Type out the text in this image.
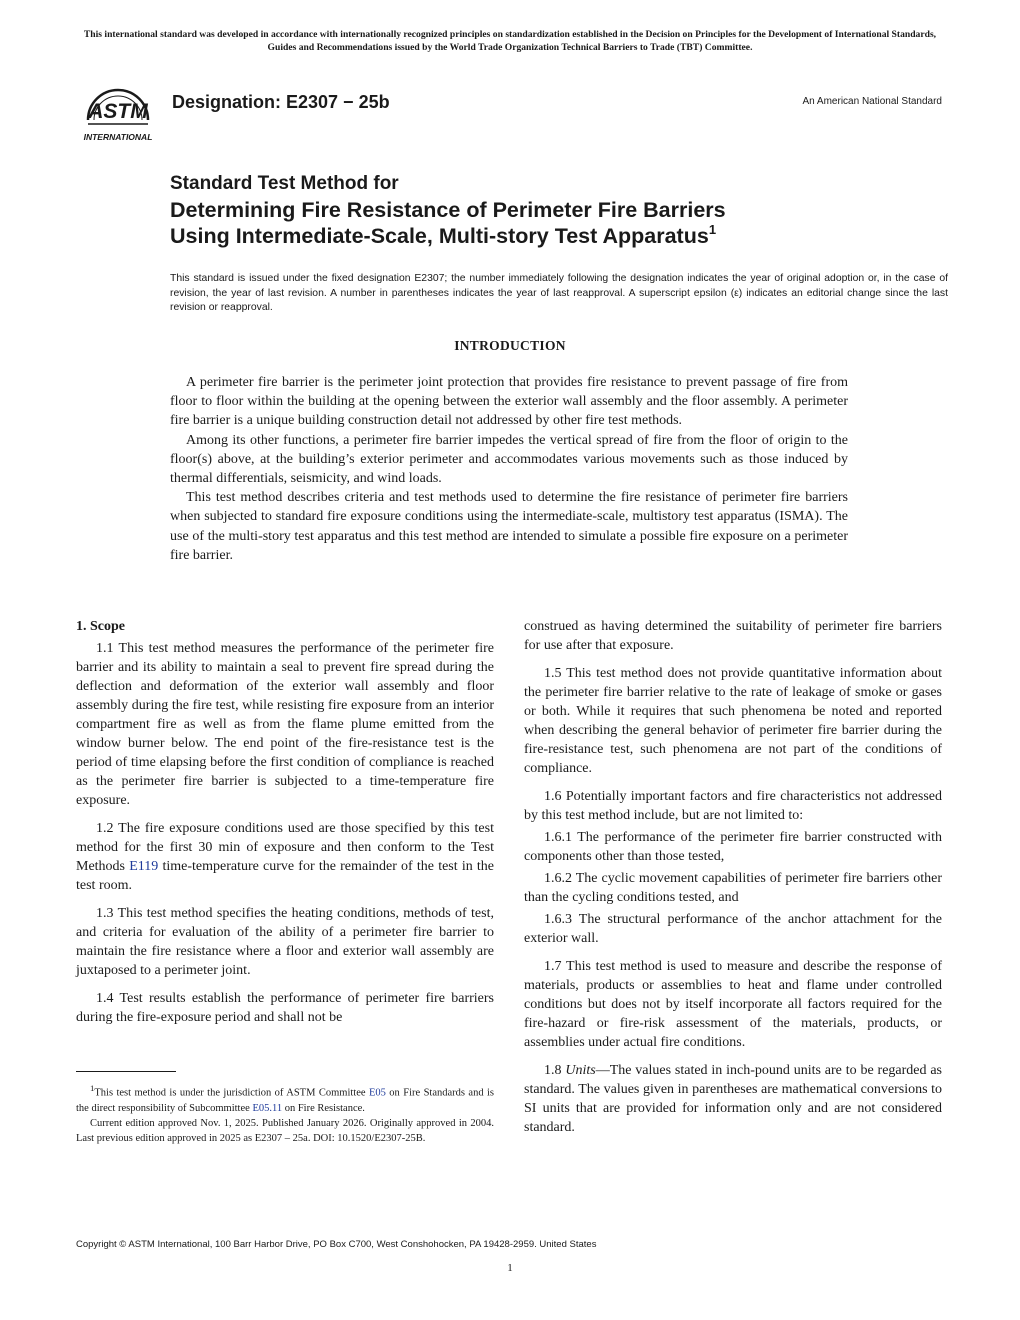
This international standard was developed in accordance with internationally recognized principles on standardization established in the Decision on Principles for the Development of International Standards, Guides and Recommendations issued by the World Trade Organization Technical Barriers to Trade (TBT) Committee.
ASTM
INTERNATIONAL
Designation: E2307 − 25b	An American National Standard
Standard Test Method for
Determining Fire Resistance of Perimeter Fire Barriers
Using Intermediate-Scale, Multi-story Test Apparatus$^1$
This standard is issued under the fixed designation E2307; the number immediately following the designation indicates the year of original adoption or, in the case of revision, the year of last revision. A number in parentheses indicates the year of last reapproval. A superscript epsilon (ε) indicates an editorial change since the last revision or reapproval.
INTRODUCTION

A perimeter fire barrier is the perimeter joint protection that provides fire resistance to prevent passage of fire from floor to floor within the building at the opening between the exterior wall assembly and the floor assembly. A perimeter fire barrier is a unique building construction detail not addressed by other fire test methods.

Among its other functions, a perimeter fire barrier impedes the vertical spread of fire from the floor of origin to the floor(s) above, at the building’s exterior perimeter and accommodates various movements such as those induced by thermal differentials, seismicity, and wind loads.

This test method describes criteria and test methods used to determine the fire resistance of perimeter fire barriers when subjected to standard fire exposure conditions using the intermediate-scale, multistory test apparatus (ISMA). The use of the multi-story test apparatus and this test method are intended to simulate a possible fire exposure on a perimeter fire barrier.

1. Scope

1.1 This test method measures the performance of the perimeter fire barrier and its ability to maintain a seal to prevent fire spread during the deflection and deformation of the exterior wall assembly and floor assembly during the fire test, while resisting fire exposure from an interior compartment fire as well as from the flame plume emitted from the window burner below. The end point of the fire-resistance test is the period of time elapsing before the first condition of compliance is reached as the perimeter fire barrier is subjected to a time-temperature fire exposure.

1.2 The fire exposure conditions used are those specified by this test method for the first 30 min of exposure and then conform to the Test Methods E119 time-temperature curve for the remainder of the test in the test room.

1.3 This test method specifies the heating conditions, methods of test, and criteria for evaluation of the ability of a perimeter fire barrier to maintain the fire resistance where a floor and exterior wall assembly are juxtaposed to a perimeter joint.

1.4 Test results establish the performance of perimeter fire barriers during the fire-exposure period and shall not be

$^1$This test method is under the jurisdiction of ASTM Committee E05 on Fire Standards and is the direct responsibility of Subcommittee E05.11 on Fire Resistance.

Current edition approved Nov. 1, 2025. Published January 2026. Originally approved in 2004. Last previous edition approved in 2025 as E2307 – 25a. DOI: 10.1520/E2307-25B.

construed as having determined the suitability of perimeter fire barriers for use after that exposure.

1.5 This test method does not provide quantitative information about the perimeter fire barrier relative to the rate of leakage of smoke or gases or both. While it requires that such phenomena be noted and reported when describing the general behavior of perimeter fire barrier during the fire-resistance test, such phenomena are not part of the conditions of compliance.

1.6 Potentially important factors and fire characteristics not addressed by this test method include, but are not limited to:

1.6.1 The performance of the perimeter fire barrier constructed with components other than those tested,

1.6.2 The cyclic movement capabilities of perimeter fire barriers other than the cycling conditions tested, and

1.6.3 The structural performance of the anchor attachment for the exterior wall.

1.7 This test method is used to measure and describe the response of materials, products or assemblies to heat and flame under controlled conditions but does not by itself incorporate all factors required for the fire-hazard or fire-risk assessment of the materials, products, or assemblies under actual fire conditions.

1.8 Units—The values stated in inch-pound units are to be regarded as standard. The values given in parentheses are mathematical conversions to SI units that are provided for information only and are not considered standard.

Copyright © ASTM International, 100 Barr Harbor Drive, PO Box C700, West Conshohocken, PA 19428-2959. United States
1
